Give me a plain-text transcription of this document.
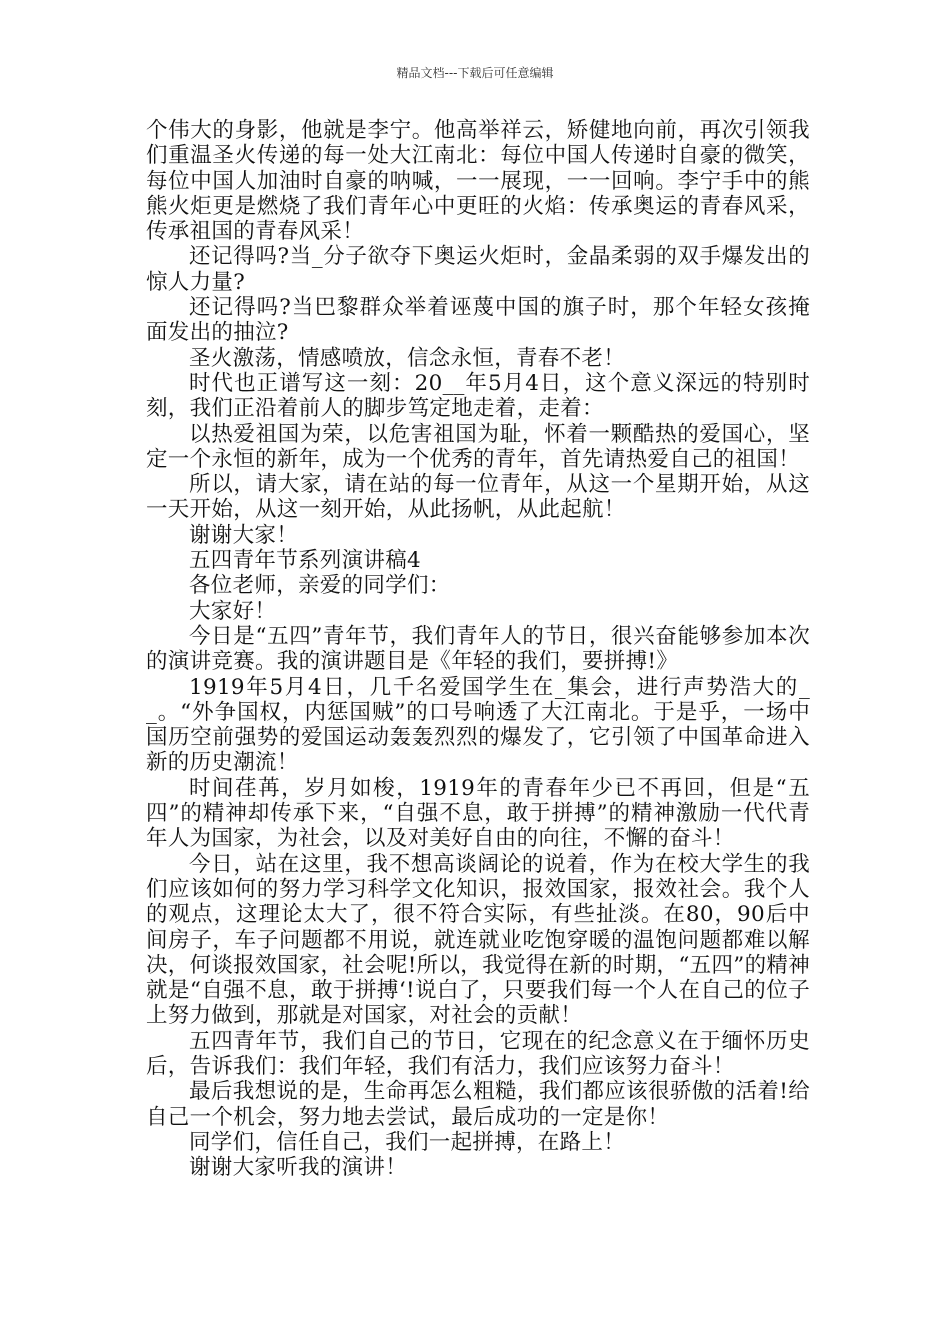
精品文档---下载后可任意编辑

个伟大的身影，他就是李宁。他高举祥云，矫健地向前，再次引领我们重温圣火传递的每一处大江南北：每位中国人传递时自豪的微笑，每位中国人加油时自豪的呐喊，一一展现，一一回响。李宁手中的熊熊火炬更是燃烧了我们青年心中更旺的火焰：传承奥运的青春风采，传承祖国的青春风采！

还记得吗?当_分子欲夺下奥运火炬时，金晶柔弱的双手爆发出的惊人力量?

还记得吗?当巴黎群众举着诬蔑中国的旗子时，那个年轻女孩掩面发出的抽泣?

圣火激荡，情感喷放，信念永恒，青春不老！

时代也正谱写这一刻：20__年5月4日，这个意义深远的特别时刻，我们正沿着前人的脚步笃定地走着，走着：

以热爱祖国为荣，以危害祖国为耻，怀着一颗酷热的爱国心，坚定一个永恒的新年，成为一个优秀的青年，首先请热爱自己的祖国！

所以，请大家，请在站的每一位青年，从这一个星期开始，从这一天开始，从这一刻开始，从此扬帆，从此起航！

谢谢大家！

五四青年节系列演讲稿4

各位老师，亲爱的同学们：

大家好！

今日是“五四”青年节，我们青年人的节日，很兴奋能够参加本次的演讲竞赛。我的演讲题目是《年轻的我们，要拼搏!》

1919年5月4日，几千名爱国学生在_集会，进行声势浩大的__。“外争国权，内惩国贼”的口号响透了大江南北。于是乎，一场中国历空前强势的爱国运动轰轰烈烈的爆发了，它引领了中国革命进入新的历史潮流！

时间荏苒，岁月如梭，1919年的青春年少已不再回，但是“五四”的精神却传承下来，“自强不息，敢于拼搏”的精神激励一代代青年人为国家，为社会，以及对美好自由的向往，不懈的奋斗！

今日，站在这里，我不想高谈阔论的说着，作为在校大学生的我们应该如何的努力学习科学文化知识，报效国家，报效社会。我个人的观点，这理论太大了，很不符合实际，有些扯淡。在80，90后中间房子，车子问题都不用说，就连就业吃饱穿暖的温饱问题都难以解决，何谈报效国家，社会呢!所以，我觉得在新的时期，“五四”的精神就是“自强不息，敢于拼搏‘!说白了，只要我们每一个人在自己的位子上努力做到，那就是对国家，对社会的贡献！

五四青年节，我们自己的节日，它现在的纪念意义在于缅怀历史后，告诉我们：我们年轻，我们有活力，我们应该努力奋斗！

最后我想说的是，生命再怎么粗糙，我们都应该很骄傲的活着!给自己一个机会，努力地去尝试，最后成功的一定是你！

同学们，信任自己，我们一起拼搏，在路上！

谢谢大家听我的演讲！
